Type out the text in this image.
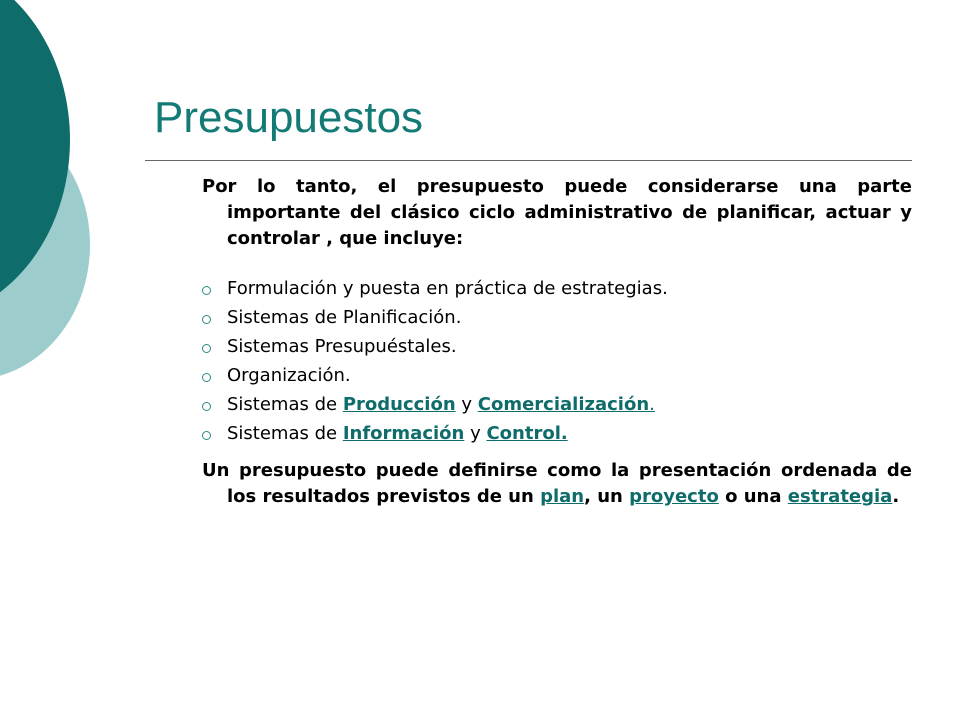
Presupuestos

Por lo tanto, el presupuesto puede considerarse una parte importante del clásico ciclo administrativo de planificar, actuar y controlar , que incluye:

Formulación y puesta en práctica de estrategias.
Sistemas de Planificación.
Sistemas Presupuéstales.
Organización.
Sistemas de Producción y Comercialización.
Sistemas de Información y Control.

Un presupuesto puede definirse como la presentación ordenada de los resultados previstos de un plan, un proyecto o una estrategia.
